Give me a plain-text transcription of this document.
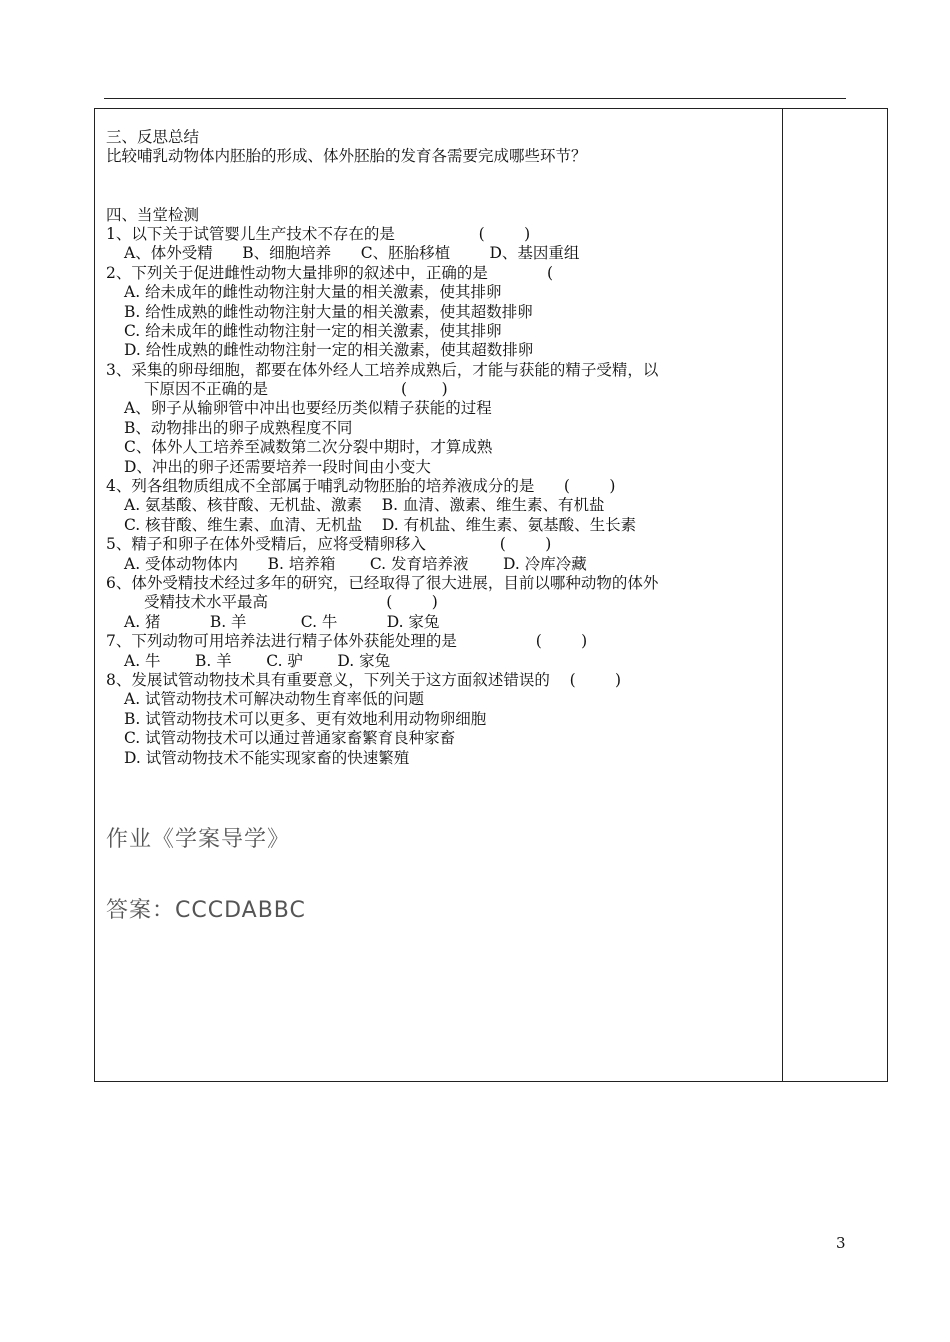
三、反思总结
比较哺乳动物体内胚胎的形成、体外胚胎的发育各需要完成哪些环节？
四、当堂检测
1、以下关于试管婴儿生产技术不存在的是                 (        )
A、体外受精      B、细胞培养      C、胚胎移植        D、基因重组
2、下列关于促进雌性动物大量排卵的叙述中，正确的是            (
A. 给未成年的雌性动物注射大量的相关激素，使其排卵
B. 给性成熟的雌性动物注射大量的相关激素，使其超数排卵
C. 给未成年的雌性动物注射一定的相关激素，使其排卵
D. 给性成熟的雌性动物注射一定的相关激素，使其超数排卵
3、采集的卵母细胞，都要在体外经人工培养成熟后，才能与获能的精子受精，以
下原因不正确的是                           (       )
A、卵子从输卵管中冲出也要经历类似精子获能的过程
B、动物排出的卵子成熟程度不同
C、体外人工培养至减数第二次分裂中期时，才算成熟
D、冲出的卵子还需要培养一段时间由小变大
4、列各组物质组成不全部属于哺乳动物胚胎的培养液成分的是      (        )
A. 氨基酸、核苷酸、无机盐、激素    B. 血清、激素、维生素、有机盐
C. 核苷酸、维生素、血清、无机盐    D. 有机盐、维生素、氨基酸、生长素
5、精子和卵子在体外受精后，应将受精卵移入               (        )
A. 受体动物体内      B. 培养箱       C. 发育培养液       D. 冷库冷藏
6、体外受精技术经过多年的研究，已经取得了很大进展，目前以哪种动物的体外
受精技术水平最高                        (        )
A. 猪          B. 羊           C. 牛          D. 家兔
7、下列动物可用培养法进行精子体外获能处理的是                (        )
A. 牛       B. 羊       C. 驴       D. 家兔
8、发展试管动物技术具有重要意义，下列关于这方面叙述错误的    (        )
A. 试管动物技术可解决动物生育率低的问题
B. 试管动物技术可以更多、更有效地利用动物卵细胞
C. 试管动物技术可以通过普通家畜繁育良种家畜
D. 试管动物技术不能实现家畜的快速繁殖
作业《学案导学》
答案：CCCDABBC
3
